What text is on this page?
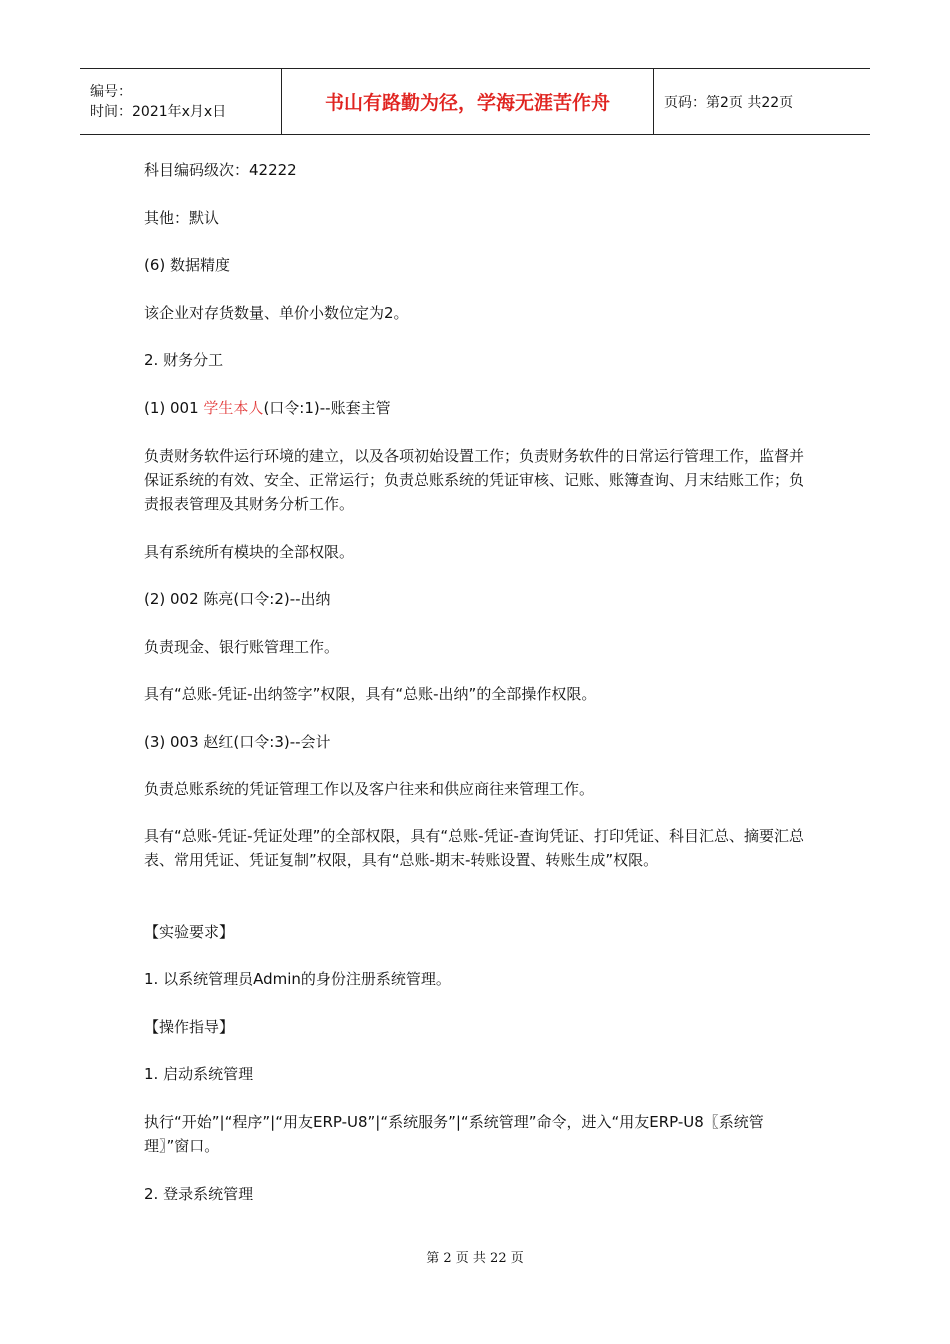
编号：
时间：2021年x月x日	书山有路勤为径，学海无涯苦作舟	页码：第2页 共22页

科目编码级次：42222

其他：默认

(6) 数据精度

该企业对存货数量、单价小数位定为2。

2. 财务分工

(1) 001 学生本人(口令:1)--账套主管

负责财务软件运行环境的建立，以及各项初始设置工作；负责财务软件的日常运行管理工作，监督并保证系统的有效、安全、正常运行；负责总账系统的凭证审核、记账、账簿查询、月末结账工作；负责报表管理及其财务分析工作。

具有系统所有模块的全部权限。

(2) 002 陈亮(口令:2)--出纳

负责现金、银行账管理工作。

具有“总账-凭证-出纳签字”权限，具有“总账-出纳”的全部操作权限。

(3) 003 赵红(口令:3)--会计

负责总账系统的凭证管理工作以及客户往来和供应商往来管理工作。

具有“总账-凭证-凭证处理”的全部权限，具有“总账-凭证-查询凭证、打印凭证、科目汇总、摘要汇总表、常用凭证、凭证复制”权限，具有“总账-期末-转账设置、转账生成”权限。

【实验要求】

1. 以系统管理员Admin的身份注册系统管理。

【操作指导】

1. 启动系统管理

执行“开始”|“程序”|“用友ERP-U8”|“系统服务”|“系统管理”命令，进入“用友ERP-U8〖系统管理〗”窗口。

2. 登录系统管理

第 2 页 共 22 页
